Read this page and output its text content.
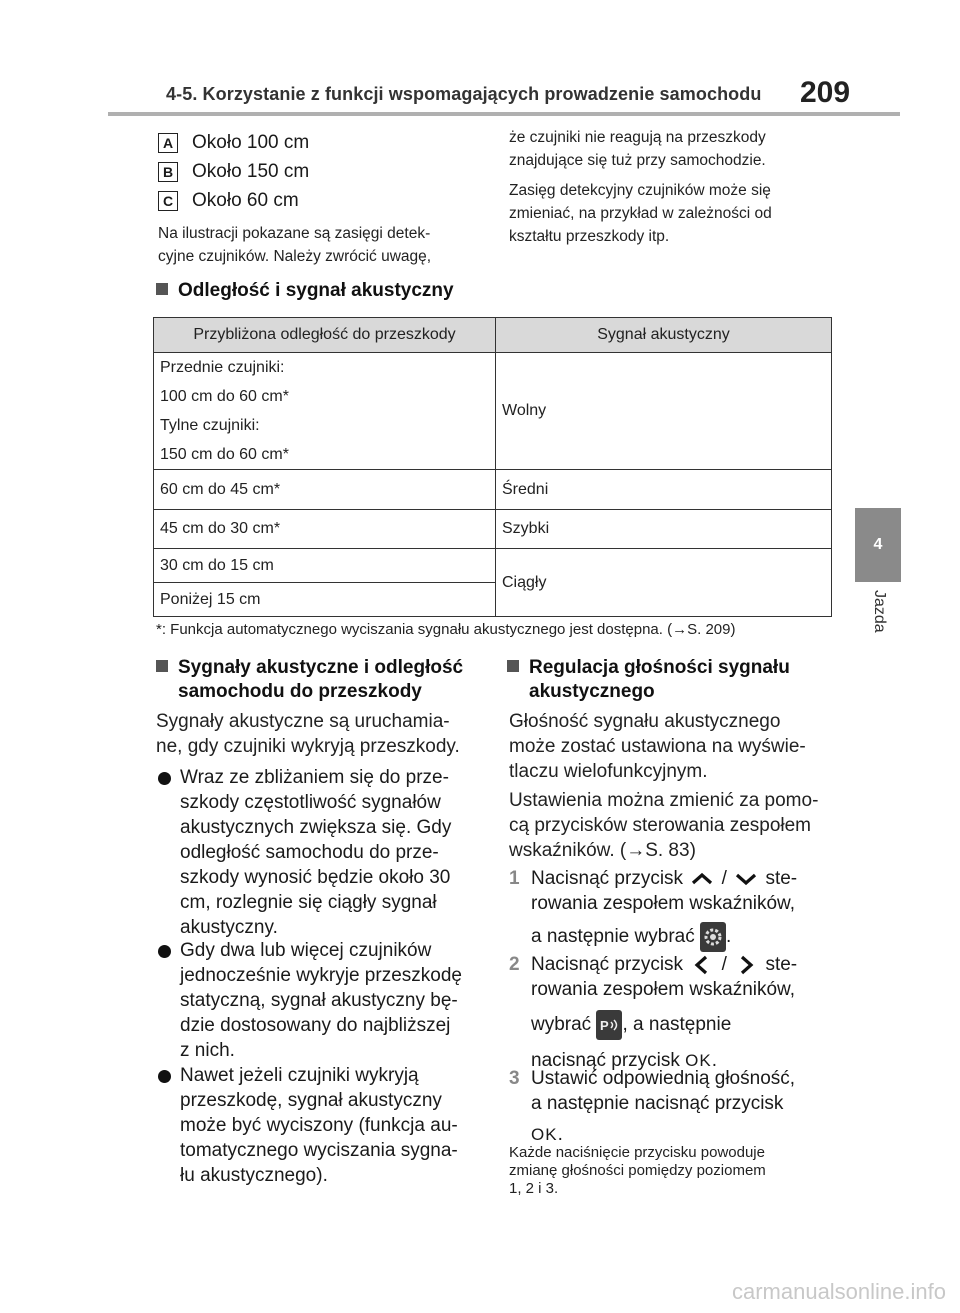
4-5. Korzystanie z funkcji wspomagających prowadzenie samochodu 209
4
Jazda
A Około 100 cm
B Około 150 cm
C Około 60 cm
Na ilustracji pokazane są zasięgi detek-
cyjne czujników. Należy zwrócić uwagę,
że czujniki nie reagują na przeszkody
znajdujące się tuż przy samochodzie.
Zasięg detekcyjny czujników może się
zmieniać, na przykład w zależności od
kształtu przeszkody itp.
Odległość i sygnał akustyczny
Przybliżona odległość do przeszkody	Sygnał akustyczny

Przednie czujniki:
100 cm do 60 cm*
Tylne czujniki:
150 cm do 60 cm*	Wolny
60 cm do 45 cm*	Średni
45 cm do 30 cm*	Szybki
30 cm do 15 cm	Ciągły
Poniżej 15 cm	
*: Funkcja automatycznego wyciszania sygnału akustycznego jest dostępna. (→S. 209)
Sygnały akustyczne i odległość
samochodu do przeszkody
Sygnały akustyczne są uruchamia-
ne, gdy czujniki wykryją przeszkody.
Wraz ze zbliżaniem się do prze-
szkody częstotliwość sygnałów
akustycznych zwiększa się. Gdy
odległość samochodu do prze-
szkody wynosić będzie około 30
cm, rozlegnie się ciągły sygnał
akustyczny.
Gdy dwa lub więcej czujników
jednocześnie wykryje przeszkodę
statyczną, sygnał akustyczny bę-
dzie dostosowany do najbliższej
z nich.
Nawet jeżeli czujniki wykryją
przeszkodę, sygnał akustyczny
może być wyciszony (funkcja au-
tomatycznego wyciszania sygna-
łu akustycznego).
Regulacja głośności sygnału
akustycznego
Głośność sygnału akustycznego
może zostać ustawiona na wyświe-
tlaczu wielofunkcyjnym.
Ustawienia można zmienić za pomo-
cą przycisków sterowania zespołem
wskaźników. (→S. 83)
1 Nacisnąć przycisk / ste-
rowania zespołem wskaźników,
a następnie wybrać .
2 Nacisnąć przycisk / ste-
rowania zespołem wskaźników,
wybrać P , a następnie
nacisnąć przycisk OK.
3 Ustawić odpowiednią głośność,
a następnie nacisnąć przycisk
OK.
Każde naciśnięcie przycisku powoduje
zmianę głośności pomiędzy poziomem
1, 2 i 3.
carmanualsonline.info
